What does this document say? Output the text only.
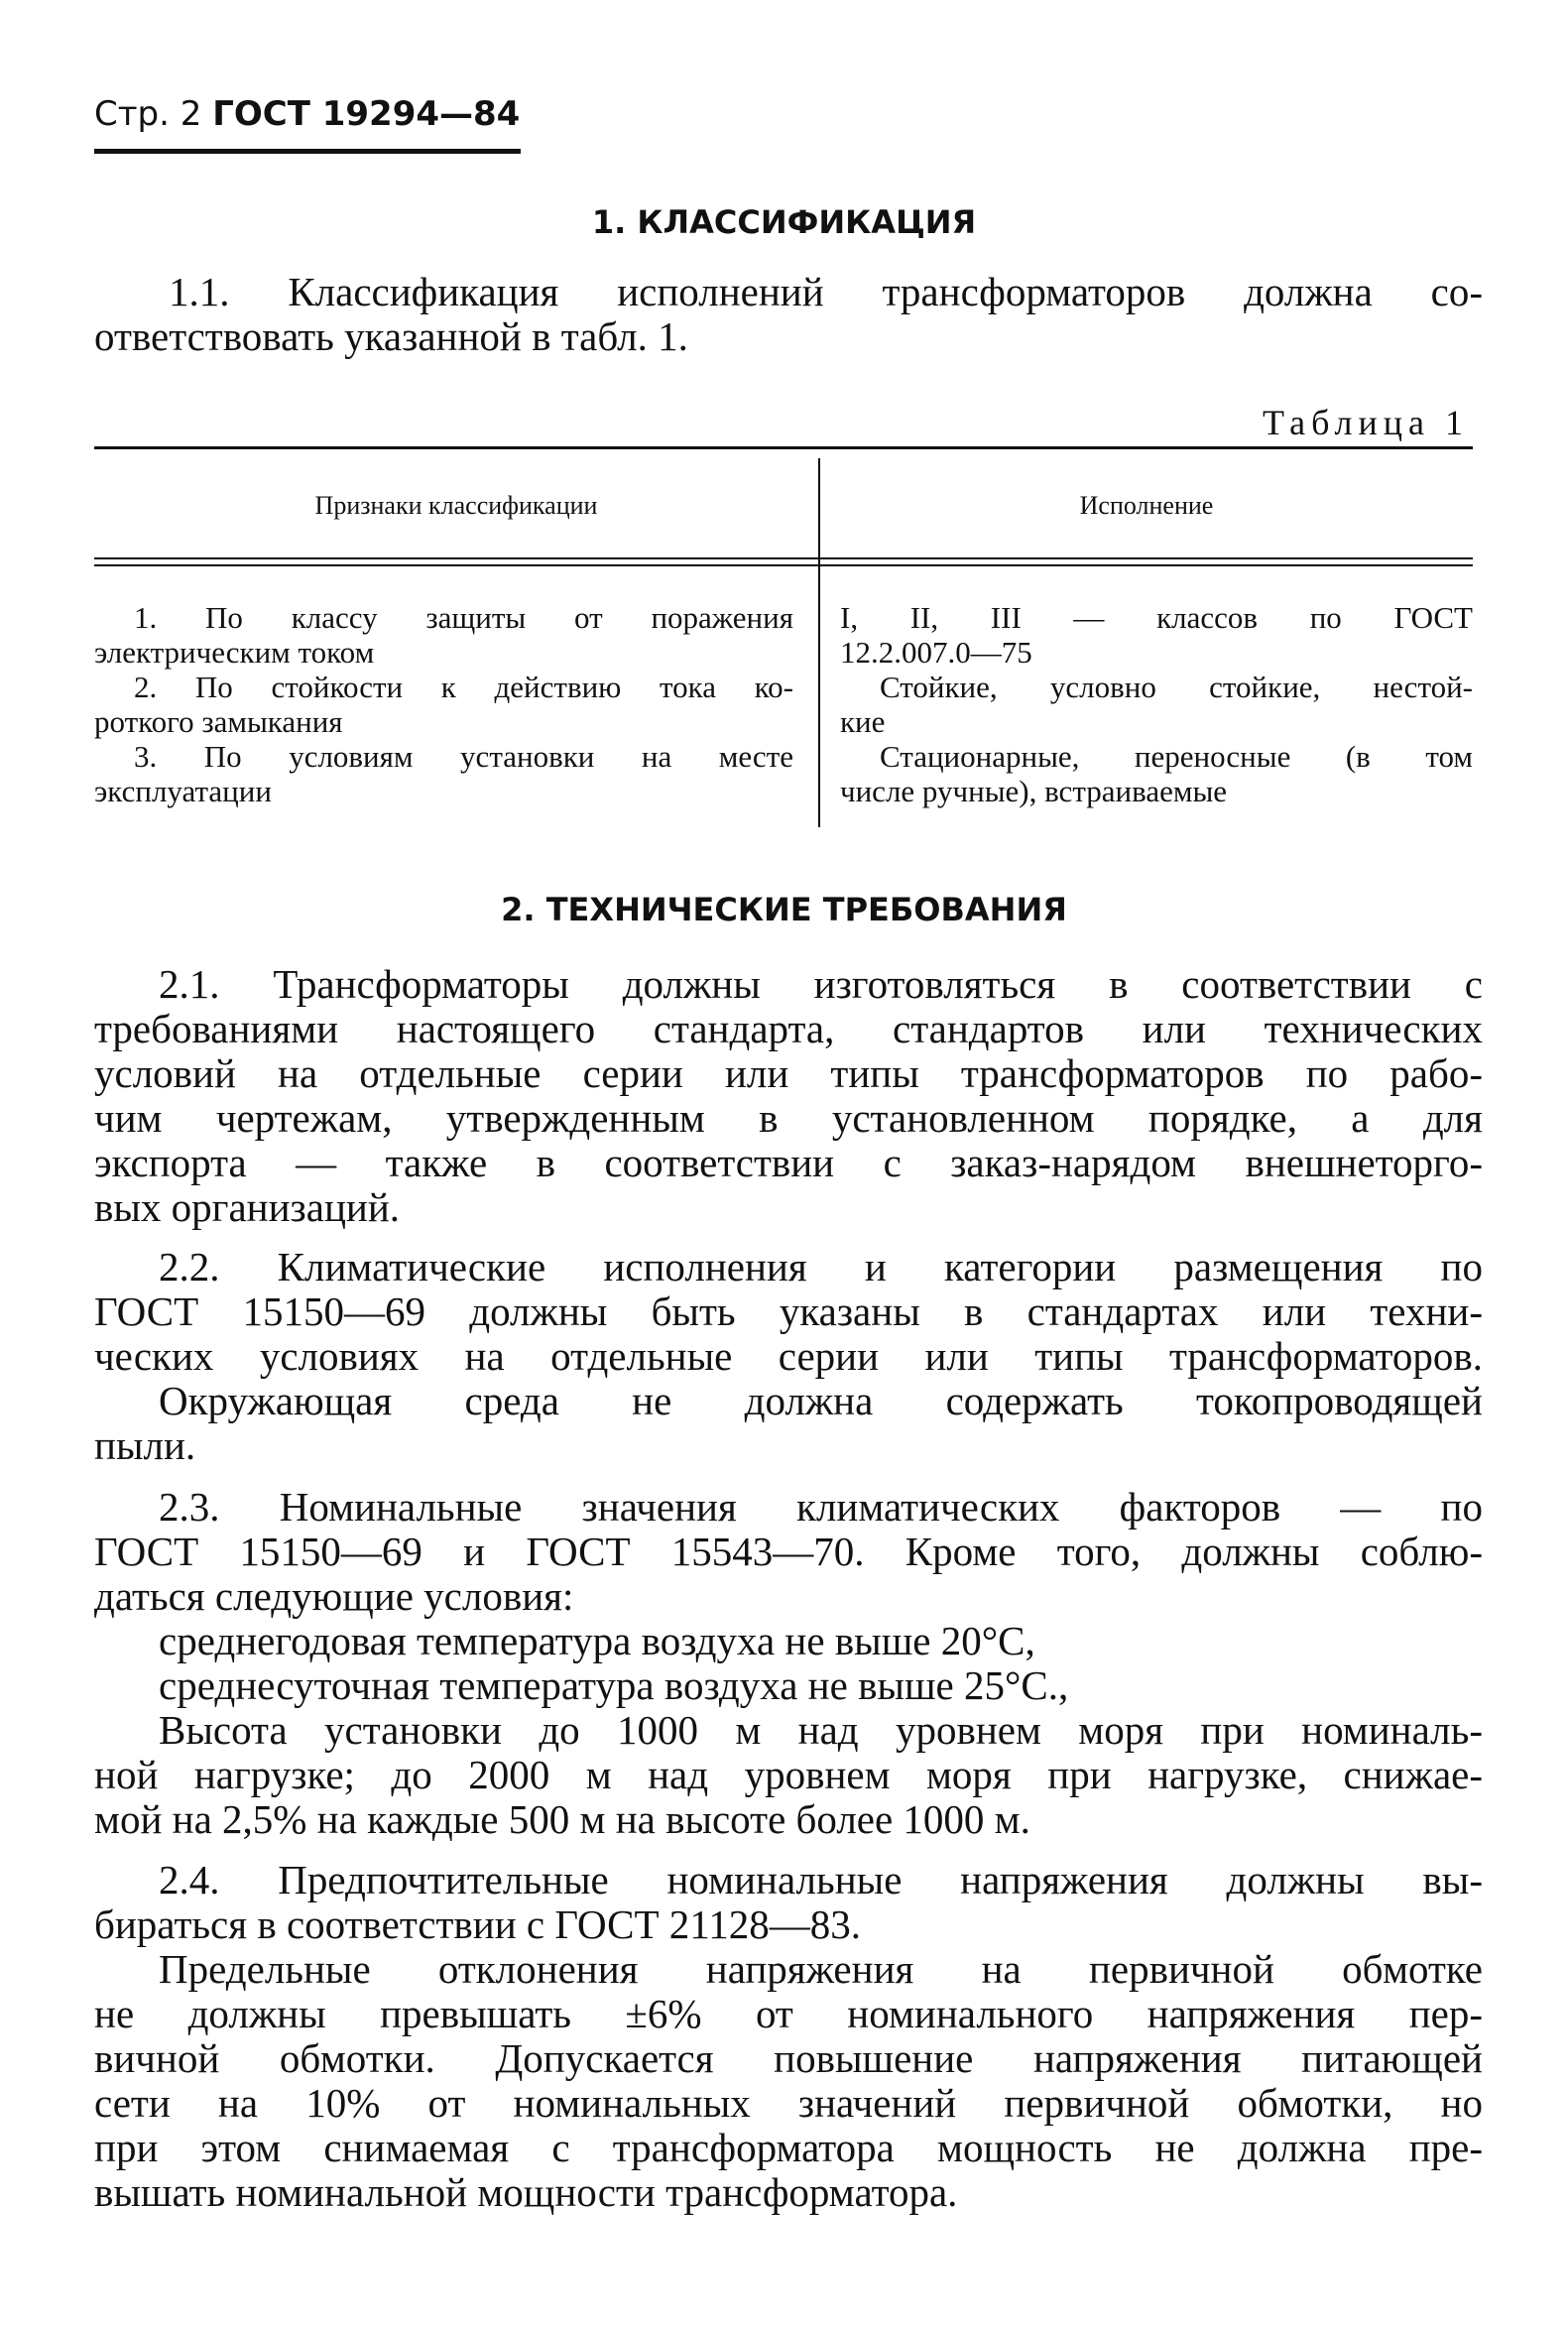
Стр. 2 ГОСТ 19294—84
1. КЛАССИФИКАЦИЯ
1.1. Классификация исполнений трансформаторов должна со-
ответствовать указанной в табл. 1.
Таблица 1
Признаки классификации	Исполнение
1. По классу защиты от поражения
электрическим током
I, II, III — классов по ГОСТ
12.2.007.0—75
2. По стойкости к действию тока ко-
роткого замыкания
Стойкие, условно стойкие, нестой-
кие
3. По условиям установки на месте
эксплуатации
Стационарные, переносные (в том
числе ручные), встраиваемые
2. ТЕХНИЧЕСКИЕ ТРЕБОВАНИЯ
2.1. Трансформаторы должны изготовляться в соответствии с
требованиями настоящего стандарта, стандартов или технических
условий на отдельные серии или типы трансформаторов по рабо-
чим чертежам, утвержденным в установленном порядке, а для
экспорта — также в соответствии с заказ-нарядом внешнеторго-
вых организаций.
2.2. Климатические исполнения и категории размещения по
ГОСТ 15150—69 должны быть указаны в стандартах или техни-
ческих условиях на отдельные серии или типы трансформаторов.
Окружающая среда не должна содержать токопроводящей
пыли.
2.3. Номинальные значения климатических факторов — по
ГОСТ 15150—69 и ГОСТ 15543—70. Кроме того, должны соблю-
даться следующие условия:
среднегодовая температура воздуха не выше 20°С,
среднесуточная температура воздуха не выше 25°С.,
Высота установки до 1000 м над уровнем моря при номиналь-
ной нагрузке; до 2000 м над уровнем моря при нагрузке, снижае-
мой на 2,5% на каждые 500 м на высоте более 1000 м.
2.4. Предпочтительные номинальные напряжения должны вы-
бираться в соответствии с ГОСТ 21128—83.
Предельные отклонения напряжения на первичной обмотке
не должны превышать ±6% от номинального напряжения пер-
вичной обмотки. Допускается повышение напряжения питающей
сети на 10% от номинальных значений первичной обмотки, но
при этом снимаемая с трансформатора мощность не должна пре-
вышать номинальной мощности трансформатора.
